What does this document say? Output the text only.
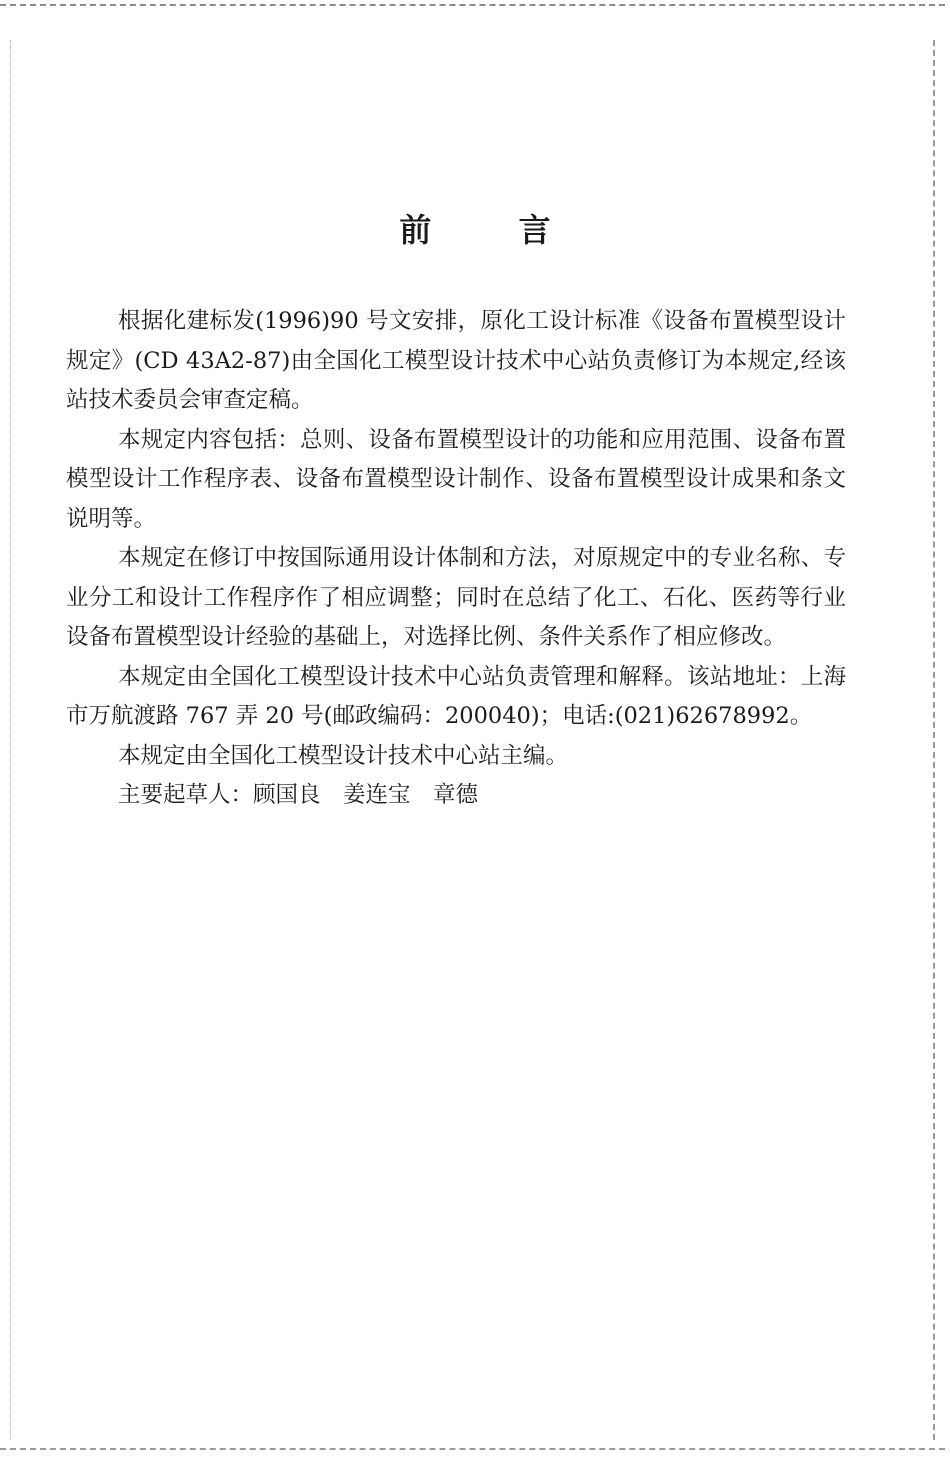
前 言

根据化建标发(1996)90 号文安排，原化工设计标准《设备布置模型设计规定》(CD 43A2-87)由全国化工模型设计技术中心站负责修订为本规定,经该站技术委员会审查定稿。

本规定内容包括：总则、设备布置模型设计的功能和应用范围、设备布置模型设计工作程序表、设备布置模型设计制作、设备布置模型设计成果和条文说明等。

本规定在修订中按国际通用设计体制和方法，对原规定中的专业名称、专业分工和设计工作程序作了相应调整；同时在总结了化工、石化、医药等行业设备布置模型设计经验的基础上，对选择比例、条件关系作了相应修改。

本规定由全国化工模型设计技术中心站负责管理和解释。该站地址：上海市万航渡路 767 弄 20 号(邮政编码：200040)；电话:(021)62678992。

本规定由全国化工模型设计技术中心站主编。

主要起草人：顾国良　姜连宝　章德
